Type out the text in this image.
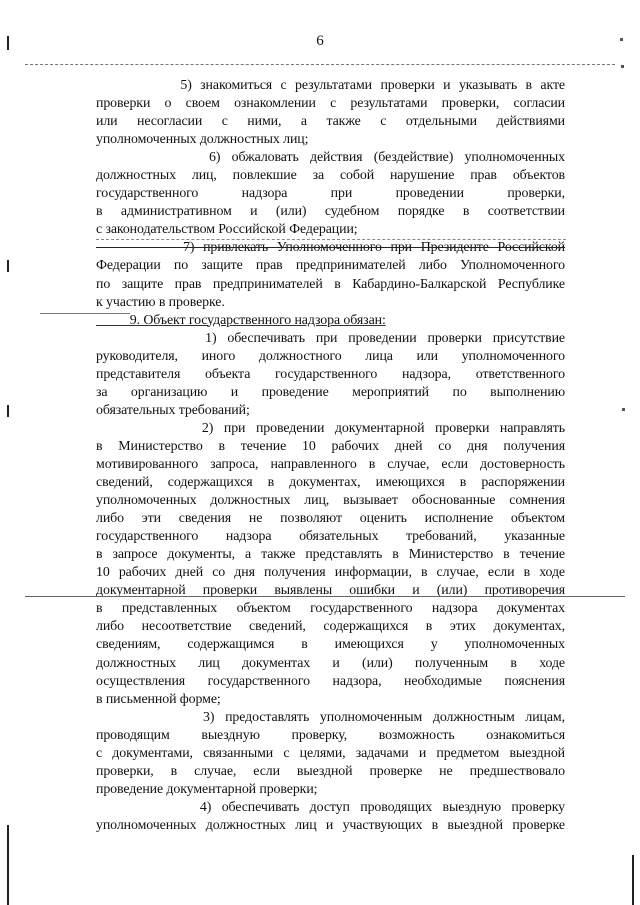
6
5) знакомиться с результатами проверки и указывать в акте
проверки о своем ознакомлении с результатами проверки, согласии
или несогласии с ними, а также с отдельными действиями
уполномоченных должностных лиц;
6) обжаловать действия (бездействие) уполномоченных
должностных лиц, повлекшие за собой нарушение прав объектов
государственного надзора при проведении проверки,
в административном и (или) судебном порядке в соответствии
с законодательством Российской Федерации;
7) привлекать Уполномоченного при Президенте Российской
Федерации по защите прав предпринимателей либо Уполномоченного
по защите прав предпринимателей в Кабардино-Балкарской Республике
к участию в проверке.
9. Объект государственного надзора обязан:
1) обеспечивать при проведении проверки присутствие
руководителя, иного должностного лица или уполномоченного
представителя объекта государственного надзора, ответственного
за организацию и проведение мероприятий по выполнению
обязательных требований;
2) при проведении документарной проверки направлять
в Министерство в течение 10 рабочих дней со дня получения
мотивированного запроса, направленного в случае, если достоверность
сведений, содержащихся в документах, имеющихся в распоряжении
уполномоченных должностных лиц, вызывает обоснованные сомнения
либо эти сведения не позволяют оценить исполнение объектом
государственного надзора обязательных требований, указанные
в запросе документы, а также представлять в Министерство в течение
10 рабочих дней со дня получения информации, в случае, если в ходе
документарной проверки выявлены ошибки и (или) противоречия
в представленных объектом государственного надзора документах
либо несоответствие сведений, содержащихся в этих документах,
сведениям, содержащимся в имеющихся у уполномоченных
должностных лиц документах и (или) полученным в ходе
осуществления государственного надзора, необходимые пояснения
в письменной форме;
3) предоставлять уполномоченным должностным лицам,
проводящим выездную проверку, возможность ознакомиться
с документами, связанными с целями, задачами и предметом выездной
проверки, в случае, если выездной проверке не предшествовало
проведение документарной проверки;
4) обеспечивать доступ проводящих выездную проверку
уполномоченных должностных лиц и участвующих в выездной проверке
